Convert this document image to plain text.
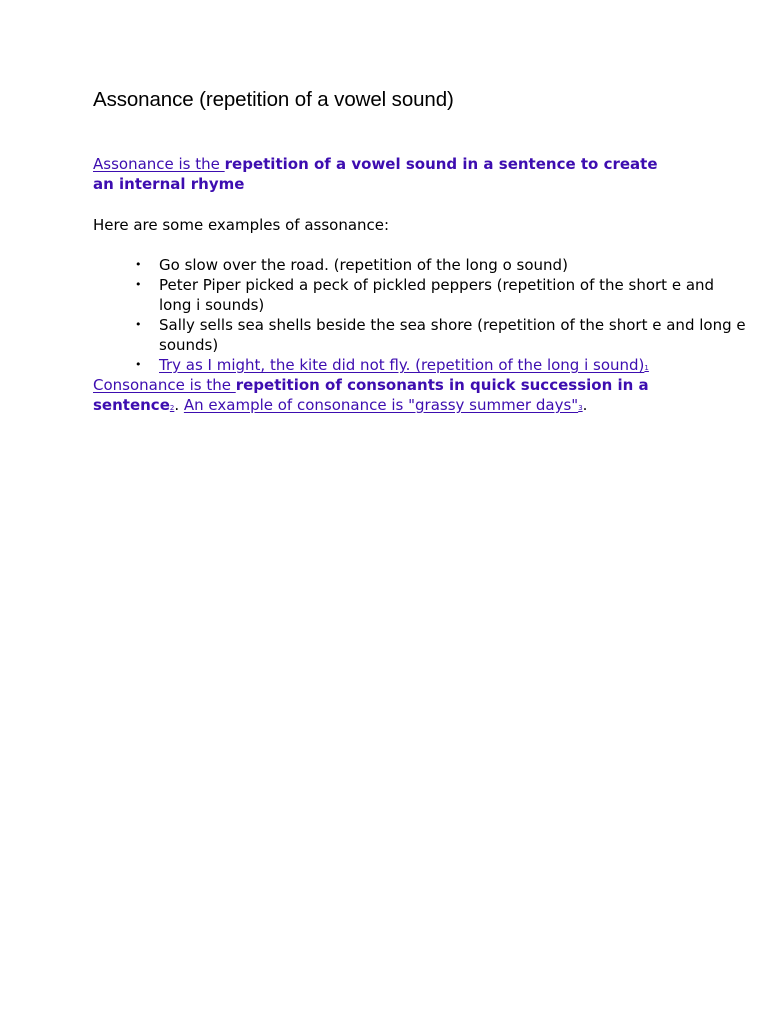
Assonance (repetition of a vowel sound)

Assonance is the repetition of a vowel sound in a sentence to create an internal rhyme

Here are some examples of assonance:

• Go slow over the road. (repetition of the long o sound)
• Peter Piper picked a peck of pickled peppers (repetition of the short e and long i sounds)
• Sally sells sea shells beside the sea shore (repetition of the short e and long e sounds)
• Try as I might, the kite did not fly. (repetition of the long i sound)1

Consonance is the repetition of consonants in quick succession in a sentence2. An example of consonance is "grassy summer days"3.
